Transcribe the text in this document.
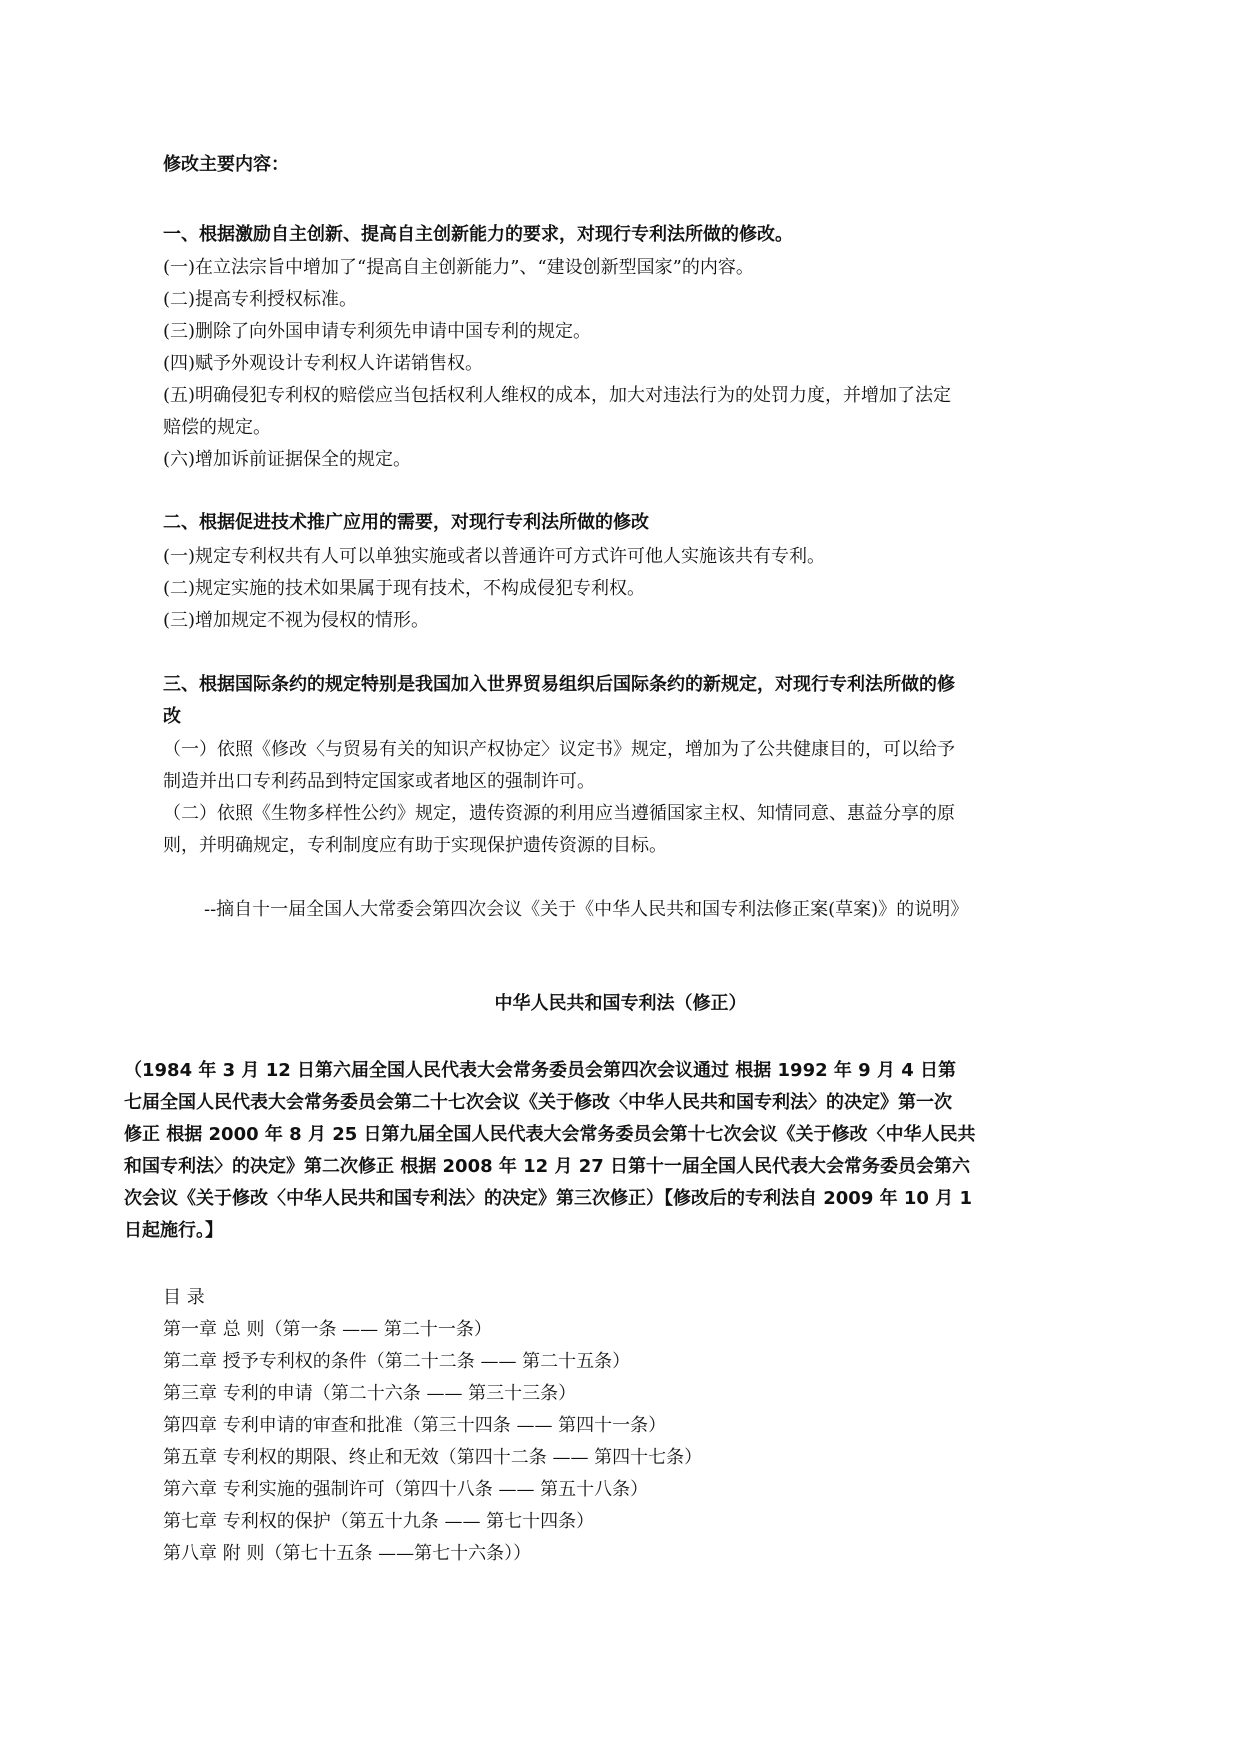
修改主要内容：
一、根据激励自主创新、提高自主创新能力的要求，对现行专利法所做的修改。
(一)在立法宗旨中增加了“提高自主创新能力”、“建设创新型国家”的内容。
(二)提高专利授权标准。
(三)删除了向外国申请专利须先申请中国专利的规定。
(四)赋予外观设计专利权人许诺销售权。
(五)明确侵犯专利权的赔偿应当包括权利人维权的成本，加大对违法行为的处罚力度，并增加了法定
赔偿的规定。
(六)增加诉前证据保全的规定。
二、根据促进技术推广应用的需要，对现行专利法所做的修改
(一)规定专利权共有人可以单独实施或者以普通许可方式许可他人实施该共有专利。
(二)规定实施的技术如果属于现有技术，不构成侵犯专利权。
(三)增加规定不视为侵权的情形。
三、根据国际条约的规定特别是我国加入世界贸易组织后国际条约的新规定，对现行专利法所做的修
改
（一）依照《修改〈与贸易有关的知识产权协定〉议定书》规定，增加为了公共健康目的，可以给予
制造并出口专利药品到特定国家或者地区的强制许可。
（二）依照《生物多样性公约》规定，遗传资源的利用应当遵循国家主权、知情同意、惠益分享的原
则，并明确规定，专利制度应有助于实现保护遗传资源的目标。
--摘自十一届全国人大常委会第四次会议《关于《中华人民共和国专利法修正案(草案)》的说明》
中华人民共和国专利法（修正）
（1984 年 3 月 12 日第六届全国人民代表大会常务委员会第四次会议通过 根据 1992 年 9 月 4 日第
七届全国人民代表大会常务委员会第二十七次会议《关于修改〈中华人民共和国专利法〉的决定》第一次
修正 根据 2000 年 8 月 25 日第九届全国人民代表大会常务委员会第十七次会议《关于修改〈中华人民共
和国专利法〉的决定》第二次修正 根据 2008 年 12 月 27 日第十一届全国人民代表大会常务委员会第六
次会议《关于修改〈中华人民共和国专利法〉的决定》第三次修正）【修改后的专利法自 2009 年 10 月 1
日起施行。】
目 录
第一章 总 则（第一条 —— 第二十一条）
第二章 授予专利权的条件（第二十二条 —— 第二十五条）
第三章 专利的申请（第二十六条 —— 第三十三条）
第四章 专利申请的审查和批准（第三十四条 —— 第四十一条）
第五章 专利权的期限、终止和无效（第四十二条 —— 第四十七条）
第六章 专利实施的强制许可（第四十八条 —— 第五十八条）
第七章 专利权的保护（第五十九条 —— 第七十四条）
第八章 附 则（第七十五条 ——第七十六条））
